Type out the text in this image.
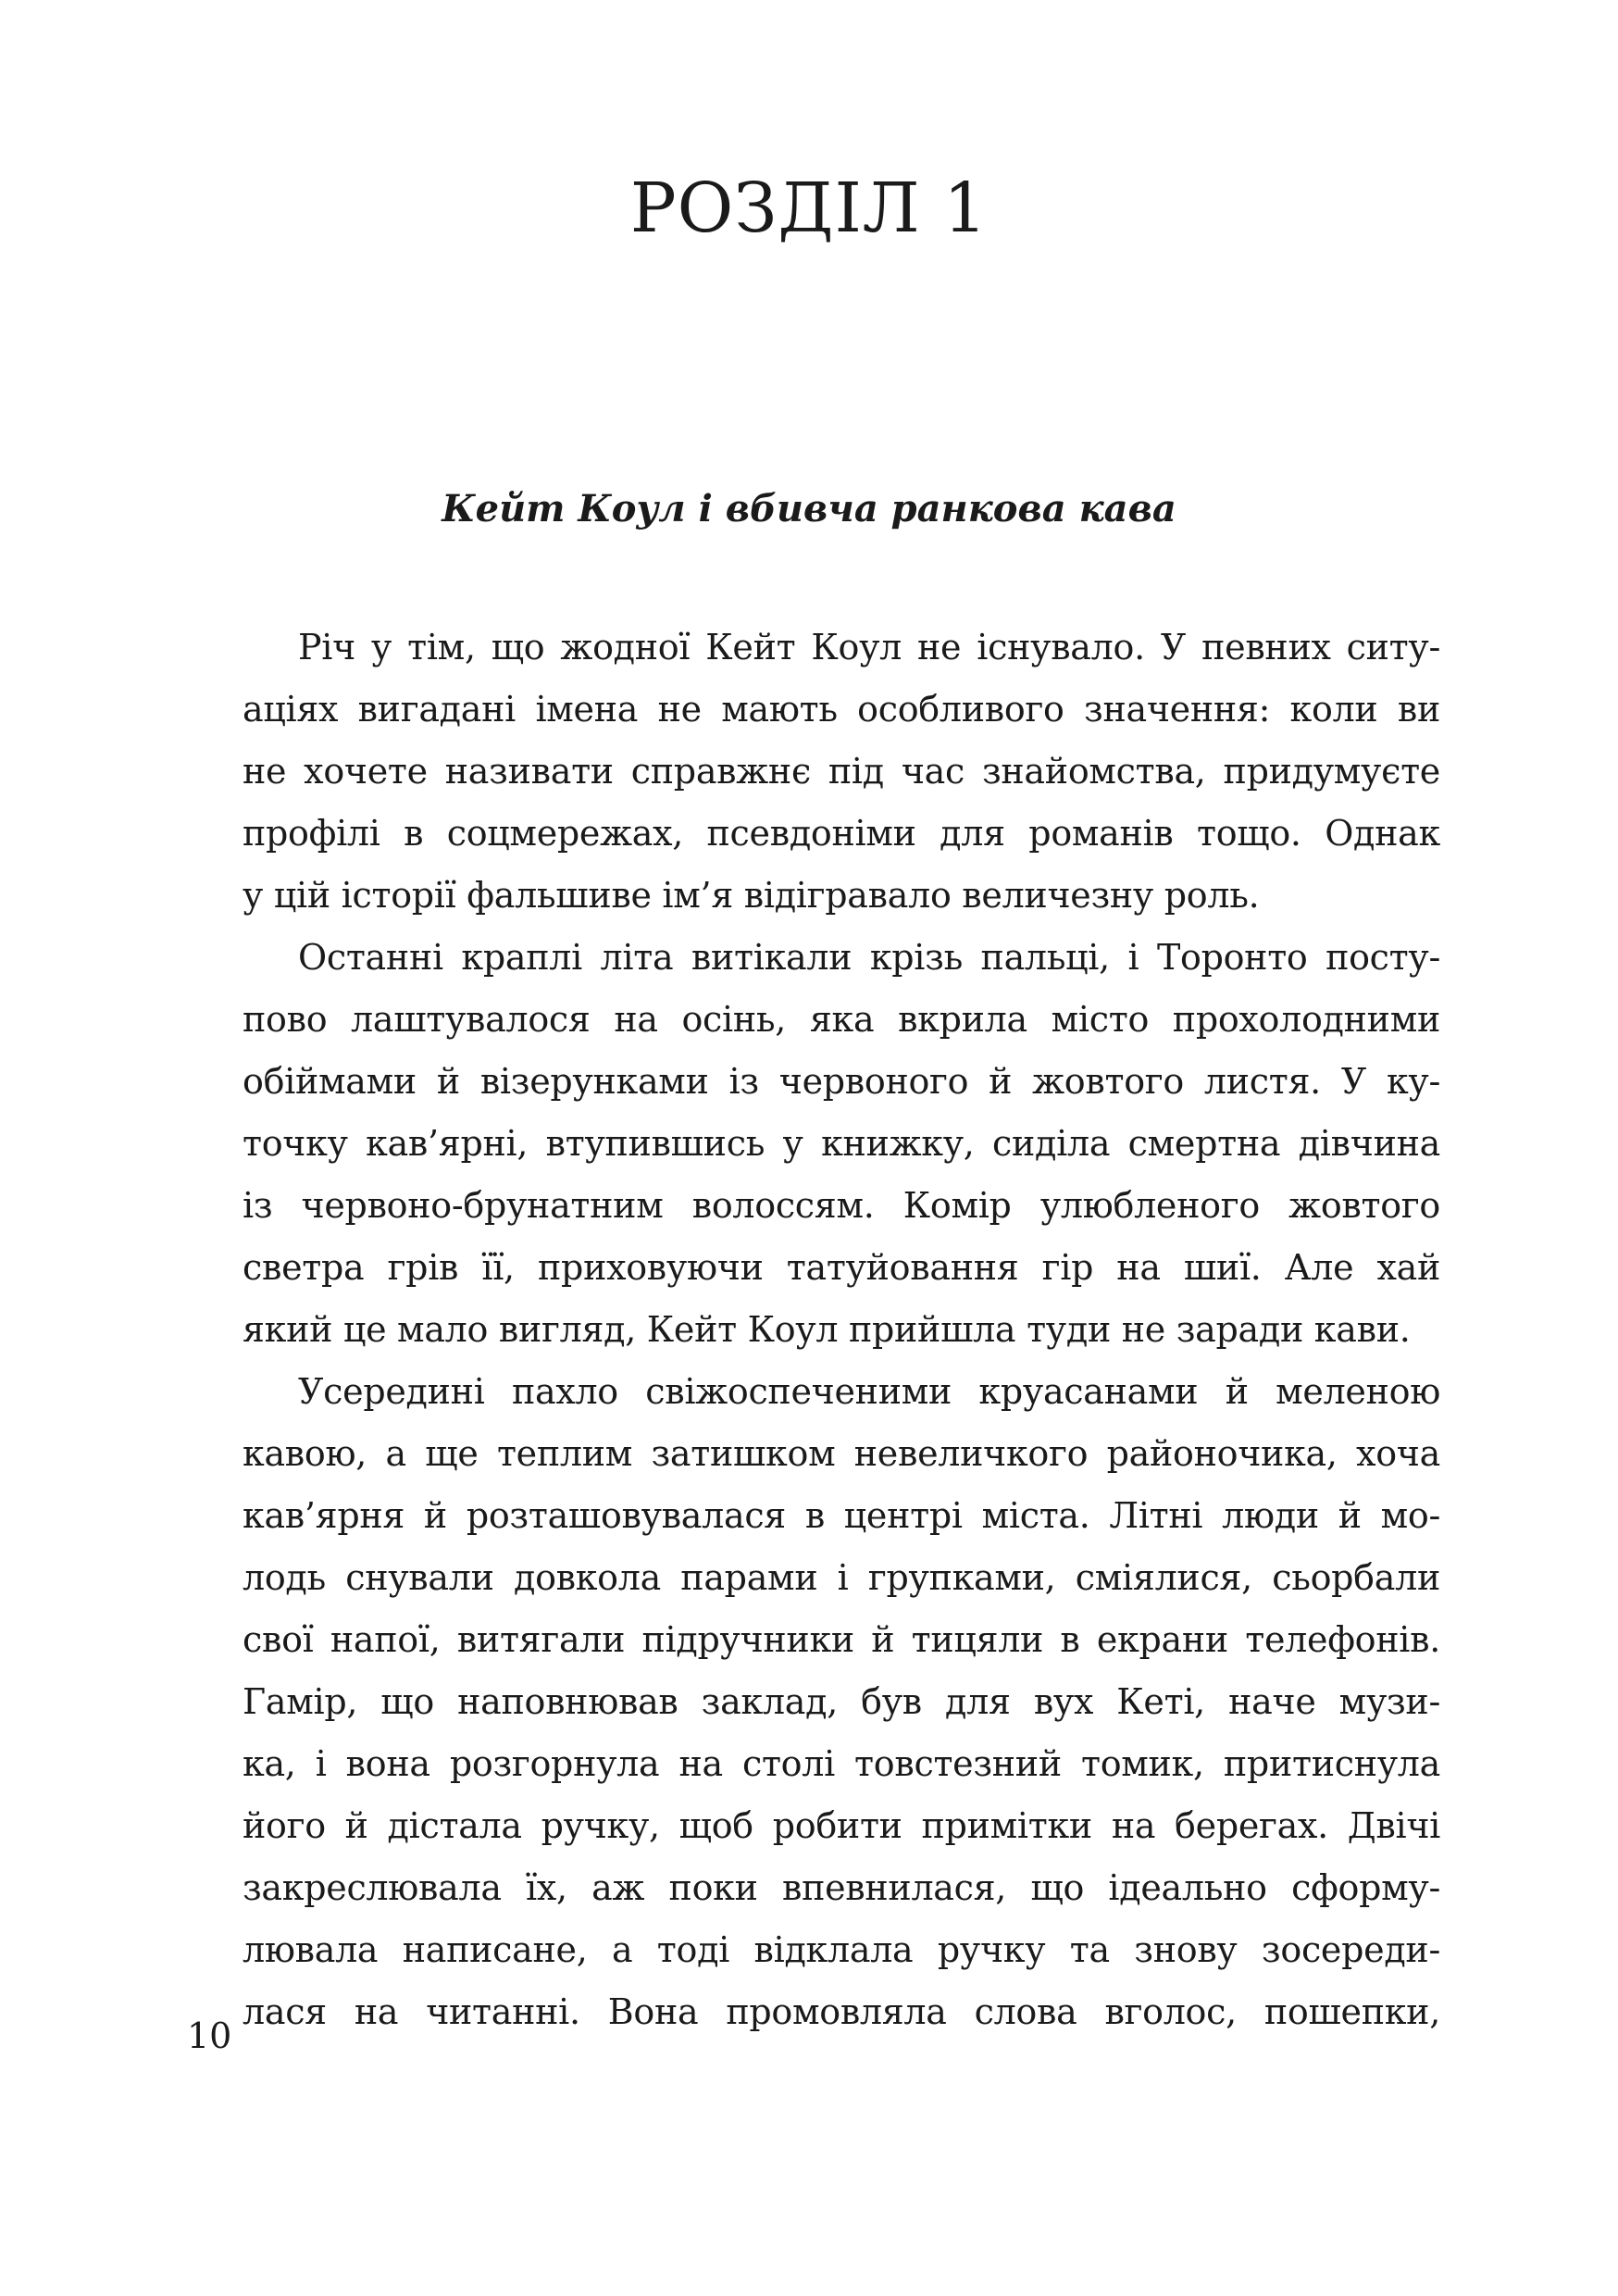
РОЗДІЛ 1
Кейт Коул і вбивча ранкова кава
Річ у тім, що жодної Кейт Коул не існувало. У певних ситу-
аціях вигадані імена не мають особливого значення: коли ви
не хочете називати справжнє під час знайомства, придумуєте
профілі в соцмережах, псевдоніми для романів тощо. Однак
у цій історії фальшиве ім’я відігравало величезну роль.
Останні краплі літа витікали крізь пальці, і Торонто посту-
пово лаштувалося на осінь, яка вкрила місто прохолодними
обіймами й візерунками із червоного й жовтого листя. У ку-
точку кав’ярні, втупившись у книжку, сиділа смертна дівчина
із червоно-брунатним волоссям. Комір улюбленого жовтого
светра грів її, приховуючи татуйовання гір на шиї. Але хай
який це мало вигляд, Кейт Коул прийшла туди не заради кави.
Усередині пахло свіжоспеченими круасанами й меленою
кавою, а ще теплим затишком невеличкого районочика, хоча
кав’ярня й розташовувалася в центрі міста. Літні люди й мо-
лодь снували довкола парами і групками, сміялися, сьорбали
свої напої, витягали підручники й тицяли в екрани телефонів.
Гамір, що наповнював заклад, був для вух Кеті, наче музи-
ка, і вона розгорнула на столі товстезний томик, притиснула
його й дістала ручку, щоб робити примітки на берегах. Двічі
закреслювала їх, аж поки впевнилася, що ідеально сформу-
лювала написане, а тоді відклала ручку та знову зосереди-
лася на читанні. Вона промовляла слова вголос, пошепки,
10
